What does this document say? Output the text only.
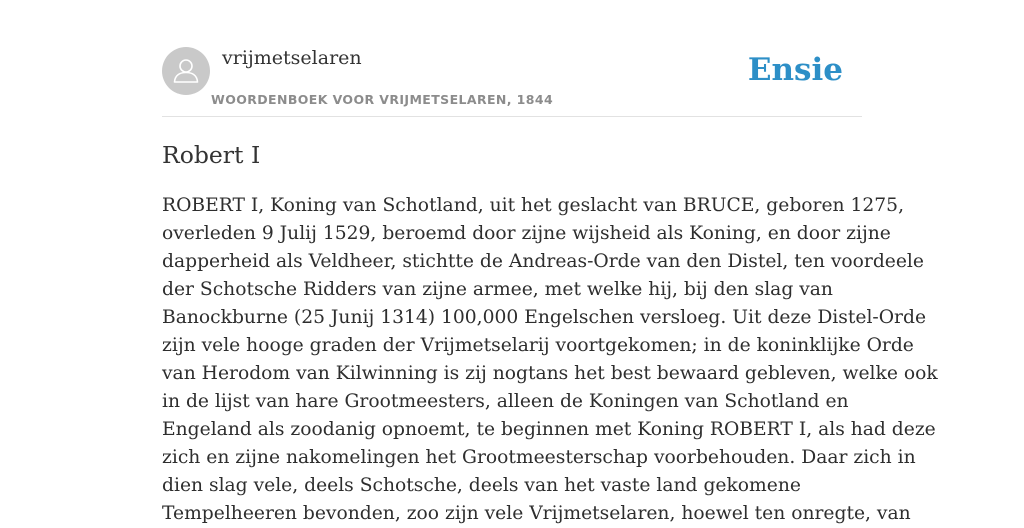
vrijmetselaren
WOORDENBOEK VOOR VRIJMETSELAREN, 1844
Ensie
Robert I
ROBERT I, Koning van Schotland, uit het geslacht van BRUCE, geboren 1275,
overleden 9 Julij 1529, beroemd door zijne wijsheid als Koning, en door zijne
dapperheid als Veldheer, stichtte de Andreas-Orde van den Distel, ten voordeele
der Schotsche Ridders van zijne armee, met welke hij, bij den slag van
Banockburne (25 Junij 1314) 100,000 Engelschen versloeg. Uit deze Distel-Orde
zijn vele hooge graden der Vrijmetselarij voortgekomen; in de koninklijke Orde
van Herodom van Kilwinning is zij nogtans het best bewaard gebleven, welke ook
in de lijst van hare Grootmeesters, alleen de Koningen van Schotland en
Engeland als zoodanig opnoemt, te beginnen met Koning ROBERT I, als had deze
zich en zijne nakomelingen het Grootmeesterschap voorbehouden. Daar zich in
dien slag vele, deels Schotsche, deels van het vaste land gekomene
Tempelheeren bevonden, zoo zijn vele Vrijmetselaren, hoewel ten onregte, van
